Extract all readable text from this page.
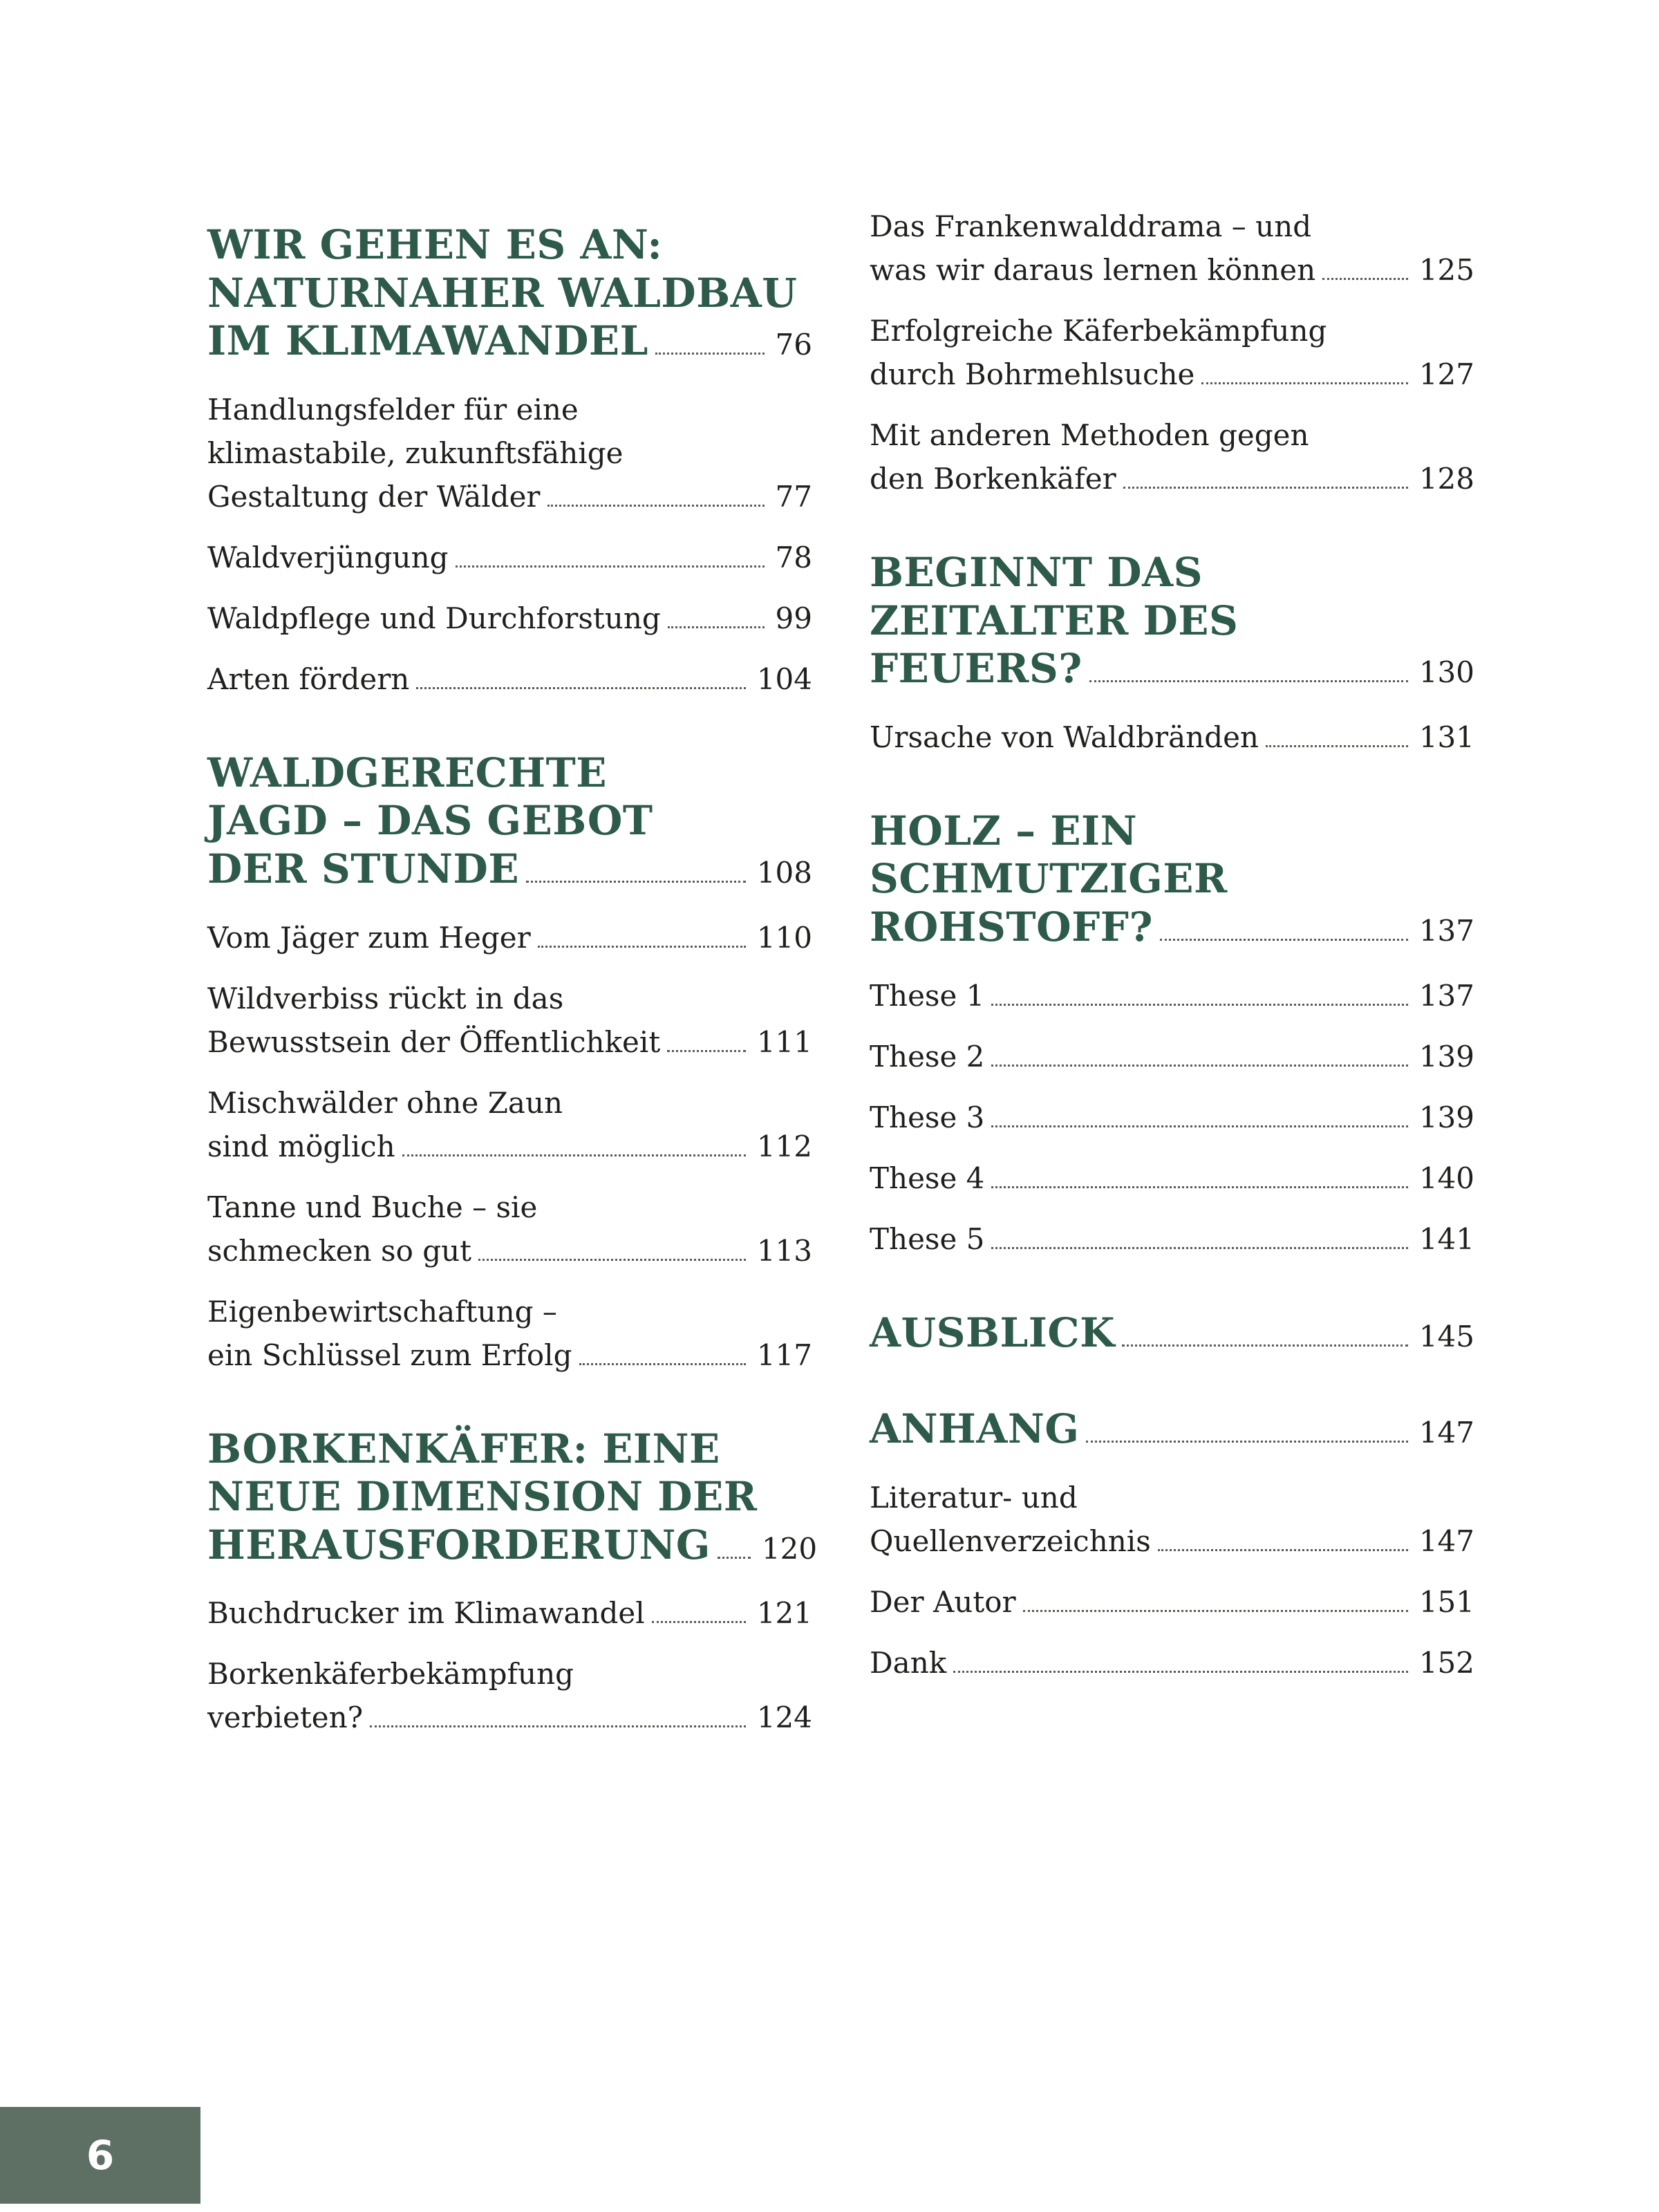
WIR GEHEN ES AN:
NATURNAHER WALDBAU
IM KLIMAWANDEL	76
Handlungsfelder für eine
klimastabile, zukunftsfähige
Gestaltung der Wälder	77
Waldverjüngung	78
Waldpflege und Durchforstung	99
Arten fördern	104
WALDGERECHTE
JAGD – DAS GEBOT
DER STUNDE	108
Vom Jäger zum Heger	110
Wildverbiss rückt in das
Bewusstsein der Öffentlichkeit	111
Mischwälder ohne Zaun
sind möglich	112
Tanne und Buche – sie
schmecken so gut	113
Eigenbewirtschaftung –
ein Schlüssel zum Erfolg	117
BORKENKÄFER: EINE
NEUE DIMENSION DER
HERAUSFORDERUNG 120
Buchdrucker im Klimawandel	121
Borkenkäferbekämpfung
verbieten?	124
Das Frankenwalddrama – und
was wir daraus lernen können	125
Erfolgreiche Käferbekämpfung
durch Bohrmehlsuche	127
Mit anderen Methoden gegen
den Borkenkäfer	128
BEGINNT DAS
ZEITALTER DES
FEUERS?	130
Ursache von Waldbränden	131
HOLZ – EIN
SCHMUTZIGER
ROHSTOFF?	137
These 1	137
These 2	139
These 3	139
These 4	140
These 5	141
AUSBLICK	145
ANHANG	147
Literatur- und
Quellenverzeichnis	147
Der Autor	151
Dank	152
6
